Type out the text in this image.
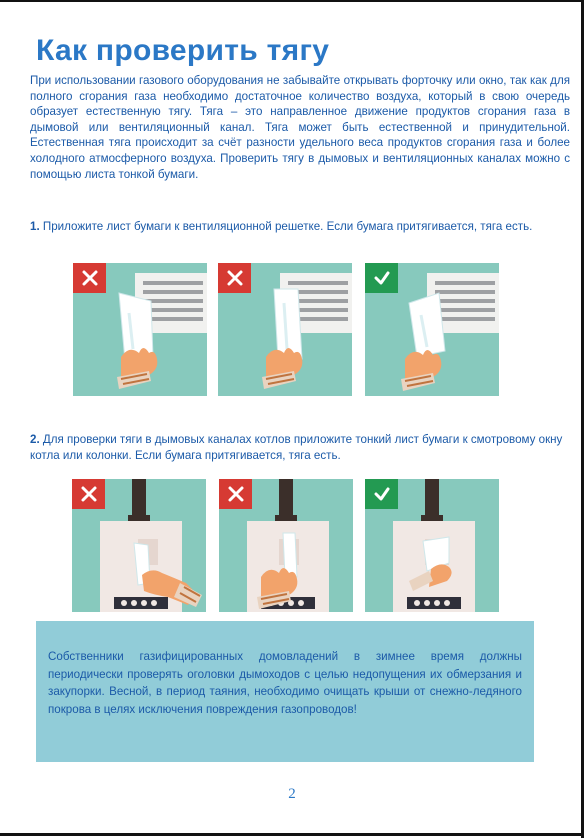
Как проверить тягу

При использовании газового оборудования не забывайте открывать форточку или окно, так как для полного сгорания газа необходимо достаточное количество воздуха, который в свою очередь образует естественную тягу. Тяга – это направленное движение продуктов сгорания газа в дымовой или вентиляционный канал. Тяга может быть естественной и принудительной. Естественная тяга происходит за счёт разности удельного веса продуктов сгорания газа и более холодного атмосферного воздуха. Проверить тягу в дымовых и вентиляционных каналах можно с помощью листа тонкой бумаги.

1. Приложите лист бумаги к вентиляционной решетке. Если бумага притягивается, тяга есть.

2. Для проверки тяги в дымовых каналах котлов приложите тонкий лист бумаги к смотровому окну котла или колонки. Если бумага притягивается, тяга есть.

Собственники газифицированных домовладений в зимнее время должны периодически проверять оголовки дымоходов с целью недопущения их обмерзания и закупорки. Весной, в период таяния, необходимо очищать крыши от снежно-ледяного покрова в целях исключения повреждения газопроводов!

2
